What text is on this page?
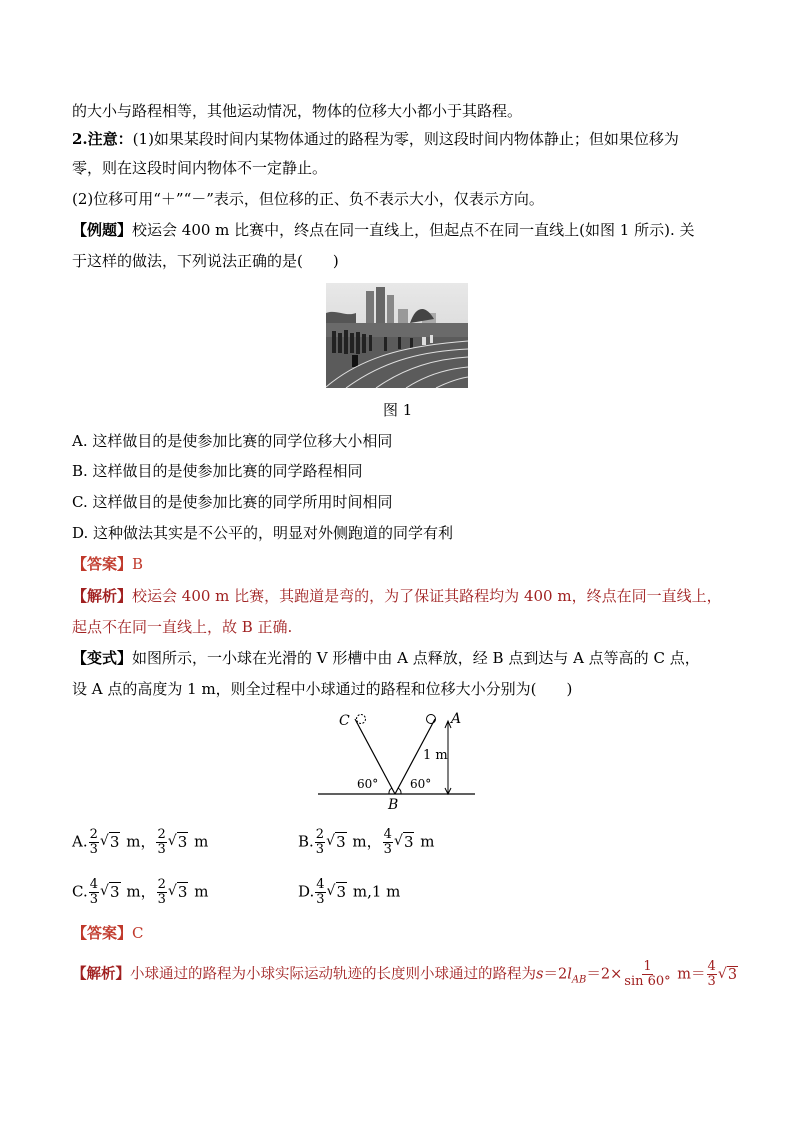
的大小与路程相等，其他运动情况，物体的位移大小都小于其路程。
2.注意：(1)如果某段时间内某物体通过的路程为零，则这段时间内物体静止；但如果位移为
零，则在这段时间内物体不一定静止。
(2)位移可用“＋”“－”表示，但位移的正、负不表示大小，仅表示方向。
【例题】校运会 400 m 比赛中，终点在同一直线上，但起点不在同一直线上(如图 1 所示). 关
于这样的做法，下列说法正确的是(　　)
图 1
A. 这样做目的是使参加比赛的同学位移大小相同
B. 这样做目的是使参加比赛的同学路程相同
C. 这样做目的是使参加比赛的同学所用时间相同
D. 这种做法其实是不公平的，明显对外侧跑道的同学有利
【答案】B
【解析】校运会 400 m 比赛，其跑道是弯的，为了保证其路程均为 400 m，终点在同一直线上，
起点不在同一直线上，故 B 正确.
【变式】如图所示，一小球在光滑的 V 形槽中由 A 点释放，经 B 点到达与 A 点等高的 C 点，
设 A 点的高度为 1 m，则全过程中小球通过的路程和位移大小分别为(　　)
C	A
B
1 m
60°	60°
A. $\frac{2}{3}$ √ 3 m， $\frac{2}{3}$ √ 3 m	B. $\frac{2}{3}$ √ 3 m， $\frac{4}{3}$ √ 3 m
C. $\frac{4}{3}$ √ 3 m， $\frac{2}{3}$ √ 3 m	D. $\frac{4}{3}$ √ 3 m,1 m
【答案】C
【解析】小球通过的路程为小球实际运动轨迹的长度则小球通过的路程为$s=2l_{AB}=2\times \frac{1}{\sin 60^\circ} m= \frac{4}{3}$ √ 3
